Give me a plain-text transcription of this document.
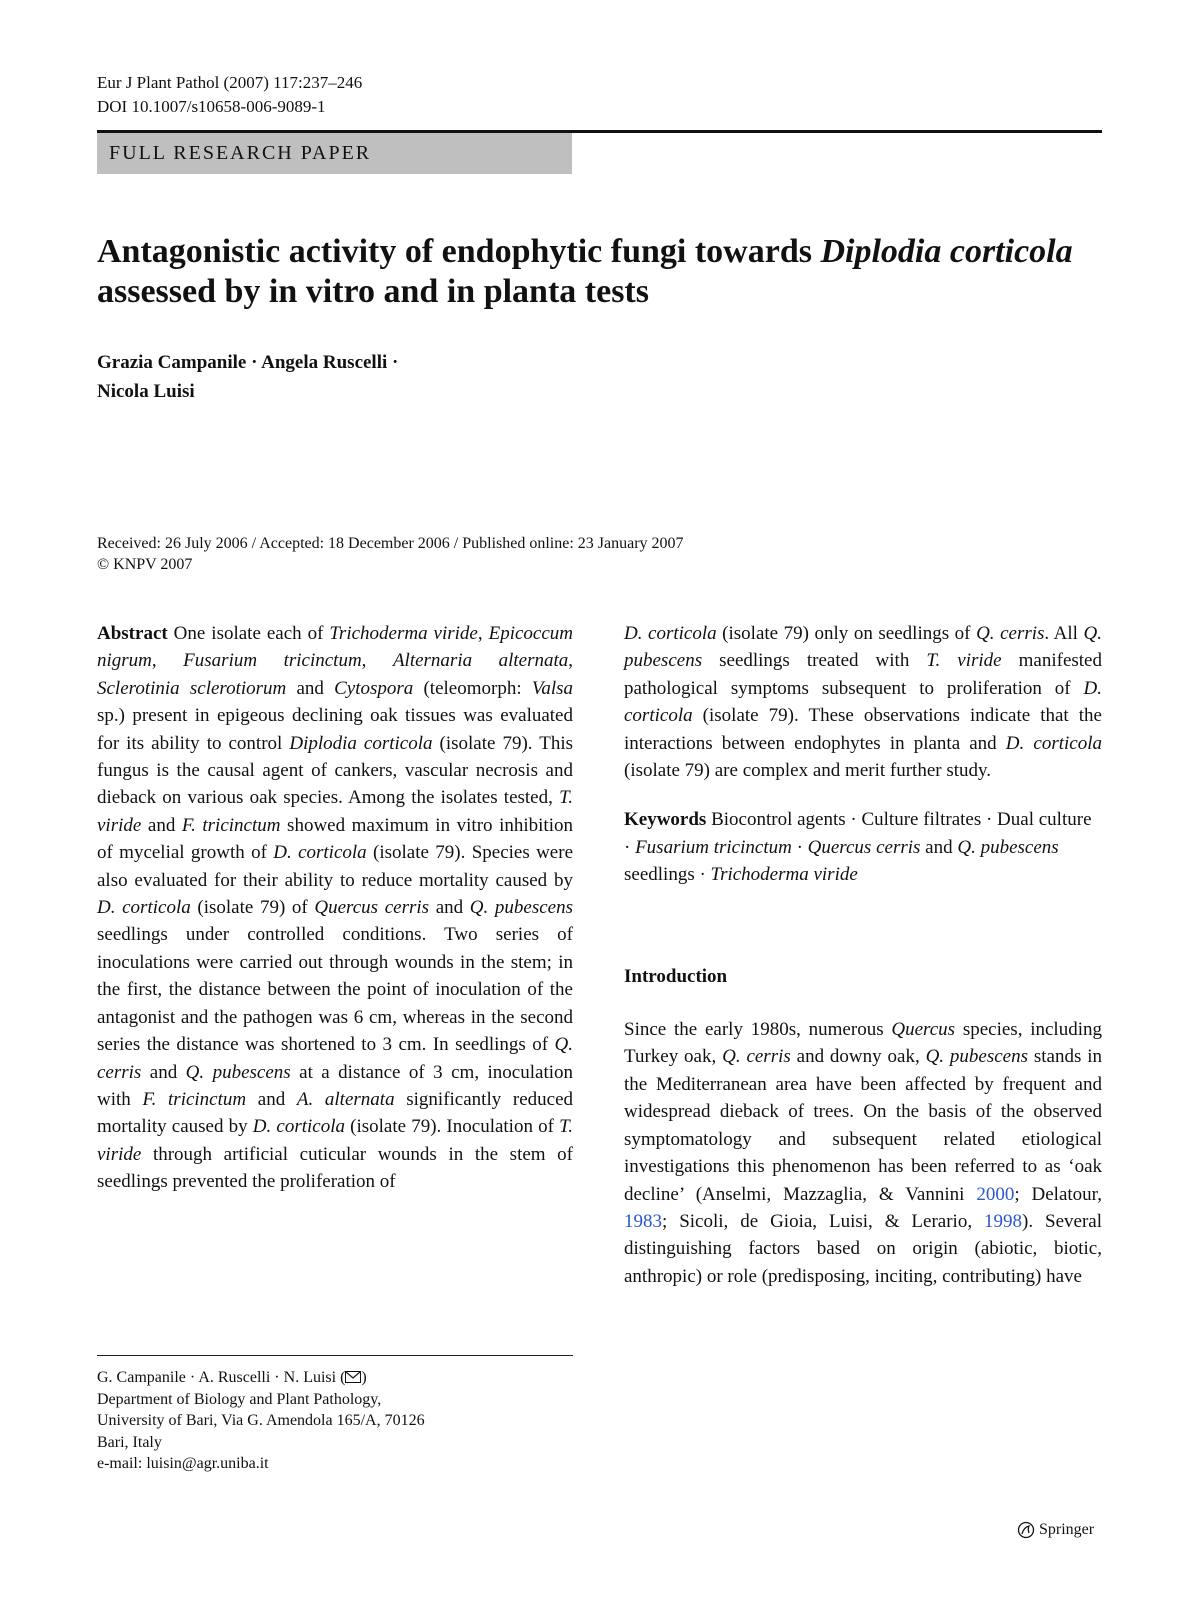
Eur J Plant Pathol (2007) 117:237–246
DOI 10.1007/s10658-006-9089-1
FULL RESEARCH PAPER
Antagonistic activity of endophytic fungi towards Diplodia corticola assessed by in vitro and in planta tests
Grazia Campanile · Angela Ruscelli ·
Nicola Luisi
Received: 26 July 2006 / Accepted: 18 December 2006 / Published online: 23 January 2007
© KNPV 2007
Abstract One isolate each of Trichoderma viride, Epicoccum nigrum, Fusarium tricinctum, Alternaria alternata, Sclerotinia sclerotiorum and Cytospora (teleomorph: Valsa sp.) present in epigeous declining oak tissues was evaluated for its ability to control Diplodia corticola (isolate 79). This fungus is the causal agent of cankers, vascular necrosis and dieback on various oak species. Among the isolates tested, T. viride and F. tricinctum showed maximum in vitro inhibition of mycelial growth of D. corticola (isolate 79). Species were also evaluated for their ability to reduce mortality caused by D. corticola (isolate 79) of Quercus cerris and Q. pubescens seedlings under controlled conditions. Two series of inoculations were carried out through wounds in the stem; in the first, the distance between the point of inoculation of the antagonist and the pathogen was 6 cm, whereas in the second series the distance was shortened to 3 cm. In seedlings of Q. cerris and Q. pubescens at a distance of 3 cm, inoculation with F. tricinctum and A. alternata significantly reduced mortality caused by D. corticola (isolate 79). Inoculation of T. viride through artificial cuticular wounds in the stem of seedlings prevented the proliferation of
D. corticola (isolate 79) only on seedlings of Q. cerris. All Q. pubescens seedlings treated with T. viride manifested pathological symptoms subsequent to proliferation of D. corticola (isolate 79). These observations indicate that the interactions between endophytes in planta and D. corticola (isolate 79) are complex and merit further study.
Keywords Biocontrol agents · Culture filtrates · Dual culture · Fusarium tricinctum · Quercus cerris and Q. pubescens seedlings · Trichoderma viride
Introduction
Since the early 1980s, numerous Quercus species, including Turkey oak, Q. cerris and downy oak, Q. pubescens stands in the Mediterranean area have been affected by frequent and widespread dieback of trees. On the basis of the observed symptomatology and subsequent related etiological investigations this phenomenon has been referred to as ‘oak decline’ (Anselmi, Mazzaglia, & Vannini 2000; Delatour, 1983; Sicoli, de Gioia, Luisi, & Lerario, 1998). Several distinguishing factors based on origin (abiotic, biotic, anthropic) or role (predisposing, inciting, contributing) have
G. Campanile · A. Ruscelli · N. Luisi ( )
Department of Biology and Plant Pathology,
University of Bari, Via G. Amendola 165/A, 70126
Bari, Italy
e-mail: luisin@agr.uniba.it
Springer
